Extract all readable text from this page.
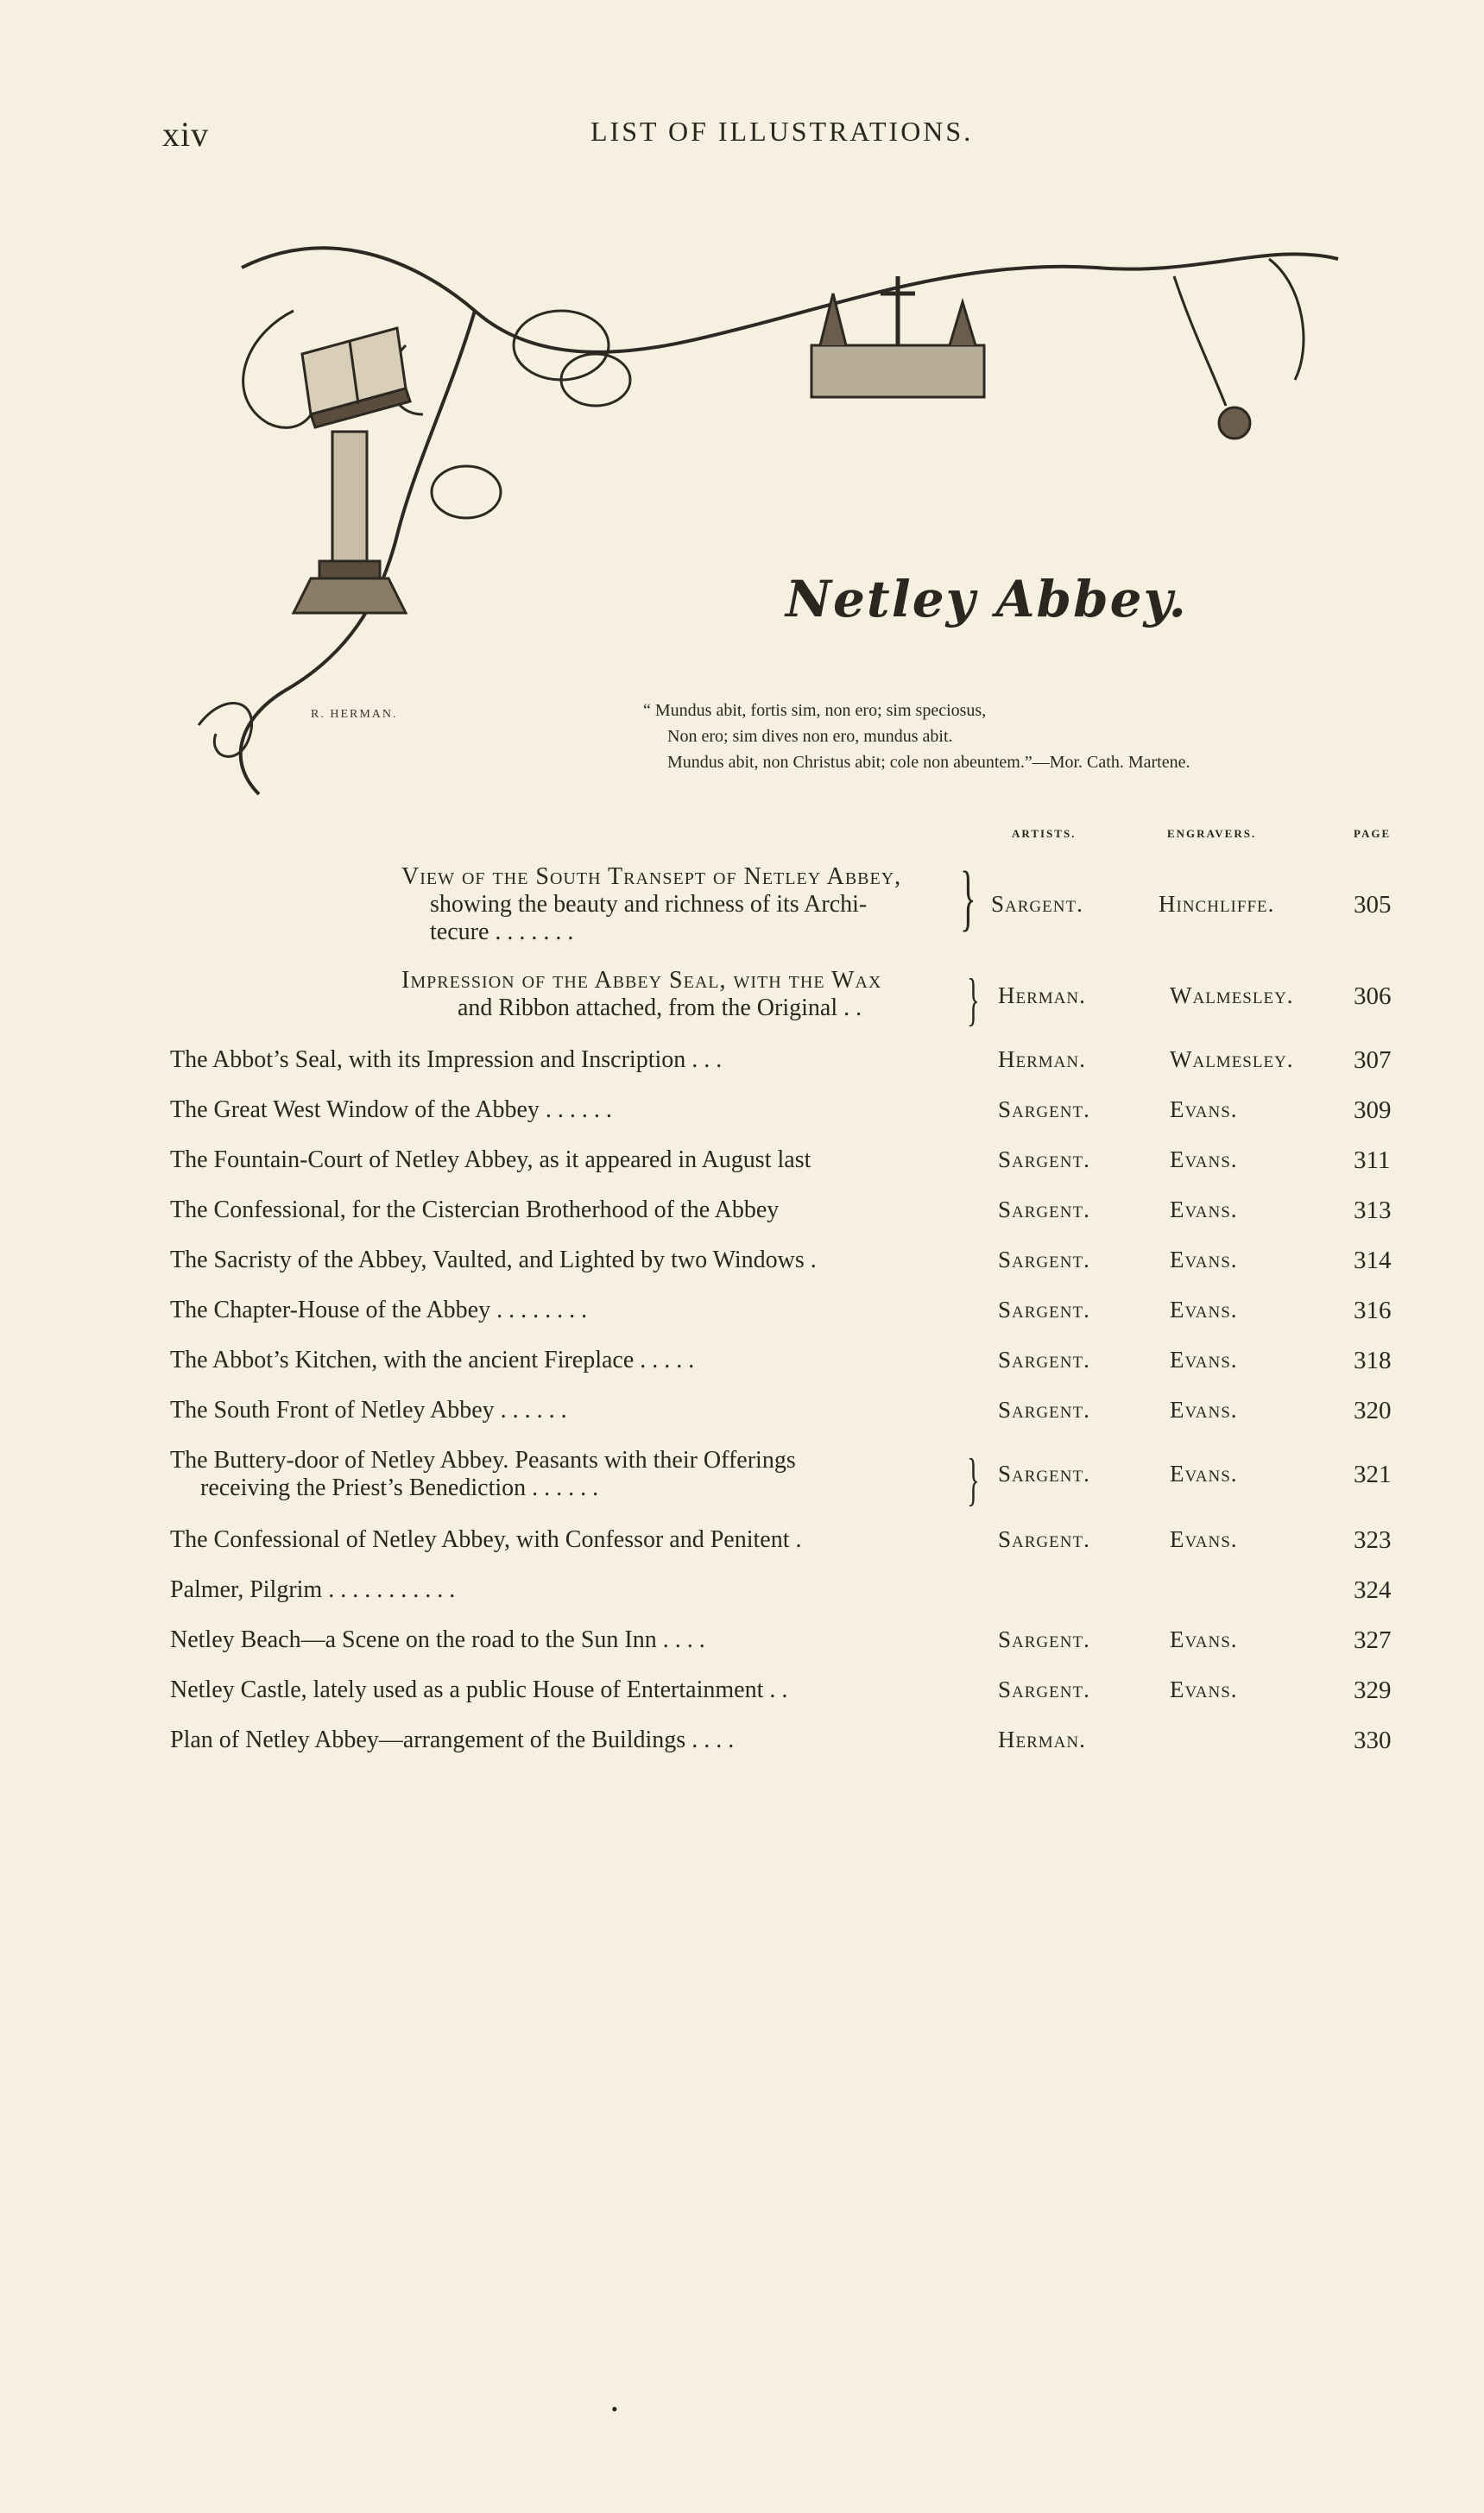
xiv	LIST OF ILLUSTRATIONS.
R. HERMAN.
Netley Abbey.
“ Mundus abit, fortis sim, non ero; sim speciosus,
Non ero; sim dives non ero, mundus abit.
Mundus abit, non Christus abit; cole non abeuntem.”—Mor. Cath. Martene.
ARTISTS.	ENGRAVERS.	PAGE
View of the South Transept of Netley Abbey,
showing the beauty and richness of its Archi-
tecure . . . . . . .	} Sargent.	Hinchliffe.	305
Impression of the Abbey Seal, with the Wax
and Ribbon attached, from the Original . . } Herman.	Walmesley. 306
The Abbot’s Seal, with its Impression and Inscription . . .	Herman.	Walmesley. 307
The Great West Window of the Abbey . . . . . .	Sargent.	Evans.	309
The Fountain-Court of Netley Abbey, as it appeared in August last	Sargent.	Evans.	311
The Confessional, for the Cistercian Brotherhood of the Abbey	Sargent.	Evans.	313
The Sacristy of the Abbey, Vaulted, and Lighted by two Windows .	Sargent.	Evans.	314
The Chapter-House of the Abbey . . . . . . . .	Sargent.	Evans.	316
The Abbot’s Kitchen, with the ancient Fireplace . . . . .	Sargent.	Evans.	318
The South Front of Netley Abbey . . . . . .	Sargent.	Evans.	320
The Buttery-door of Netley Abbey. Peasants with their Offerings
receiving the Priest’s Benediction . . . . . .	} Sargent.	Evans.	321
The Confessional of Netley Abbey, with Confessor and Penitent .	Sargent.	Evans.	323
Palmer, Pilgrim . . . . . . . . . . .	324
Netley Beach—a Scene on the road to the Sun Inn . . . .	Sargent.	Evans.	327
Netley Castle, lately used as a public House of Entertainment . .	Sargent.	Evans.	329
Plan of Netley Abbey—arrangement of the Buildings . . . .	Herman.	330
•
